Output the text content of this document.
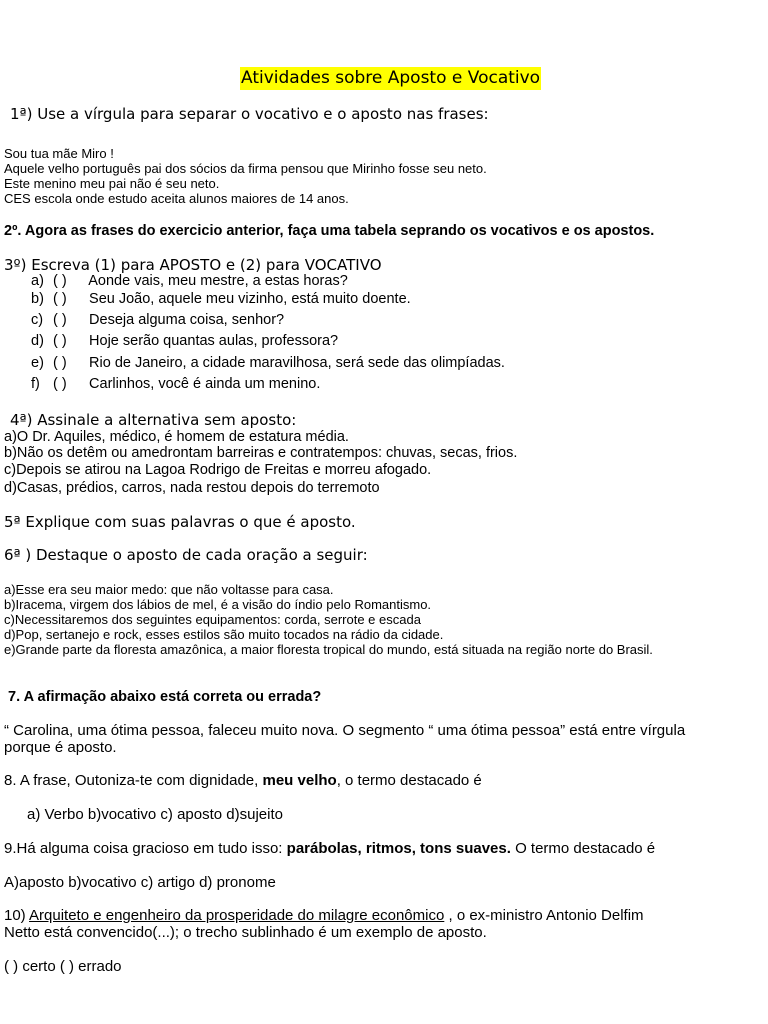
Atividades sobre Aposto e Vocativo
1ª) Use a vírgula para separar o vocativo e o aposto nas frases:
Sou tua mãe Miro !
Aquele velho português pai dos sócios da firma pensou que Mirinho fosse seu neto.
Este menino meu pai não é seu neto.
CES escola onde estudo aceita alunos maiores de 14 anos.
2º. Agora as frases do exercicio anterior, faça uma tabela seprando os vocativos e os apostos.
3º) Escreva (1) para APOSTO e (2) para VOCATIVO
a) ( ) Aonde vais, meu mestre, a estas horas?
b) ( ) Seu João, aquele meu vizinho, está muito doente.
c) ( ) Deseja alguma coisa, senhor?
d) ( ) Hoje serão quantas aulas, professora?
e) ( ) Rio de Janeiro, a cidade maravilhosa, será sede das olimpíadas.
f) ( ) Carlinhos, você é ainda um menino.
4ª) Assinale a alternativa sem aposto:
a)O Dr. Aquiles, médico, é homem de estatura média.
b)Não os detêm ou amedrontam barreiras e contratempos: chuvas, secas, frios.
c)Depois se atirou na Lagoa Rodrigo de Freitas e morreu afogado.
d)Casas, prédios, carros, nada restou depois do terremoto
5ª Explique com suas palavras o que é aposto.
6ª ) Destaque o aposto de cada oração a seguir:
a)Esse era seu maior medo: que não voltasse para casa.
b)Iracema, virgem dos lábios de mel, é a visão do índio pelo Romantismo.
c)Necessitaremos dos seguintes equipamentos: corda, serrote e escada
d)Pop, sertanejo e rock, esses estilos são muito tocados na rádio da cidade.
e)Grande parte da floresta amazônica, a maior floresta tropical do mundo, está situada na região norte do Brasil.
7. A afirmação abaixo está correta ou errada?
“ Carolina, uma ótima pessoa, faleceu muito nova. O segmento “ uma ótima pessoa” está entre vírgula porque é aposto.
8. A frase, Outoniza-te com dignidade, meu velho, o termo destacado é
a) Verbo b)vocativo c) aposto d)sujeito
9.Há alguma coisa gracioso em tudo isso: parábolas, ritmos, tons suaves. O termo destacado é
A)aposto b)vocativo c) artigo d) pronome
10) Arquiteto e engenheiro da prosperidade do milagre econômico , o ex-ministro Antonio Delfim
Netto está convencido(...); o trecho sublinhado é um exemplo de aposto.
( ) certo ( ) errado
